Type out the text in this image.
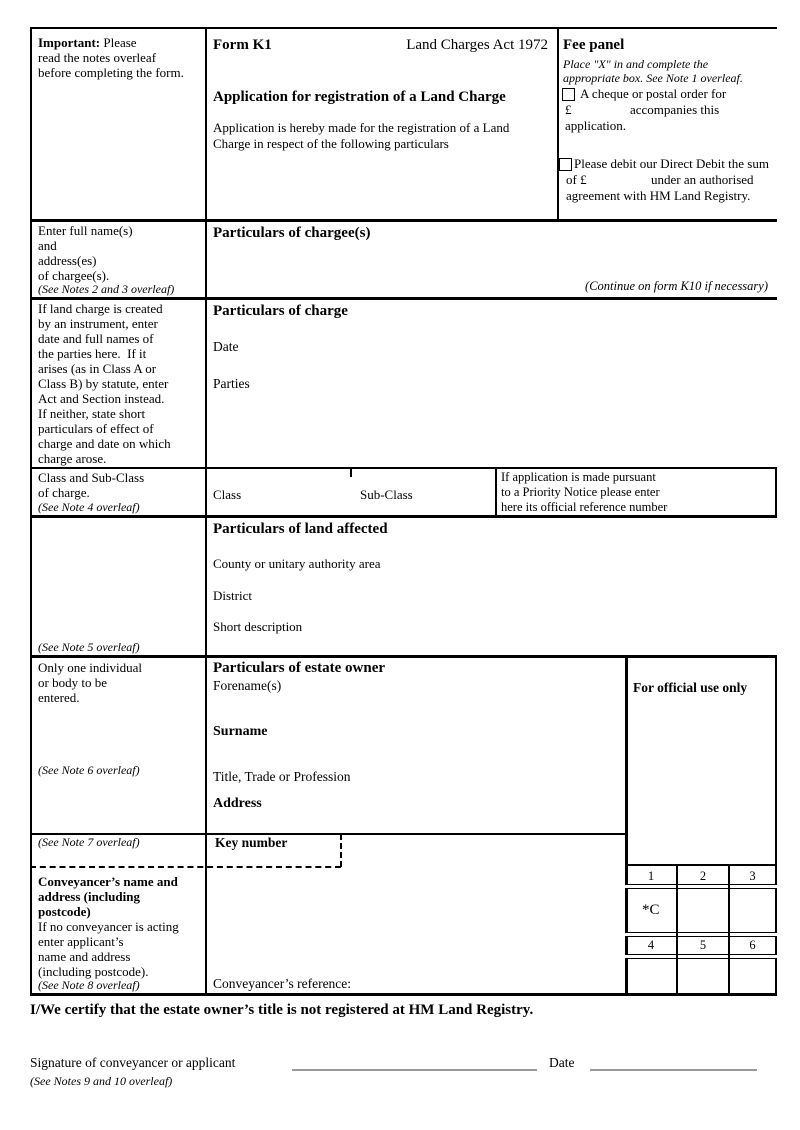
Important: Please
read the notes overleaf
before completing the form.
Form K1	Land Charges Act 1972
Application for registration of a Land Charge
Application is hereby made for the registration of a Land
Charge in respect of the following particulars
Fee panel
Place "X" in and complete the
appropriate box. See Note 1 overleaf.
A cheque or postal order for
£	accompanies this
application.
Please debit our Direct Debit the sum
of £	under an authorised
agreement with HM Land Registry.
Enter full name(s)
and
address(es)
of chargee(s).
(See Notes 2 and 3 overleaf)
Particulars of chargee(s)
(Continue on form K10 if necessary)
If land charge is created
by an instrument, enter
date and full names of
the parties here.  If it
arises (as in Class A or
Class B) by statute, enter
Act and Section instead.
If neither, state short
particulars of effect of
charge and date on which
charge arose.
Particulars of charge
Date
Parties
Class and Sub-Class
of charge.
(See Note 4 overleaf)
Class	Sub-Class
If application is made pursuant
to a Priority Notice please enter
here its official reference number
Particulars of land affected
County or unitary authority area
District
Short description
(See Note 5 overleaf)
Only one individual
or body to be
entered.
(See Note 6 overleaf)
Particulars of estate owner
Forename(s)
Surname
Title, Trade or Profession
Address
For official use only
(See Note 7 overleaf)	Key number
Conveyancer’s name and
address (including
postcode)
If no conveyancer is acting
enter applicant’s
name and address
(including postcode).
(See Note 8 overleaf)	Conveyancer’s reference:
1	2	3
*C
4	5	6
I/We certify that the estate owner’s title is not registered at HM Land Registry.
Signature of conveyancer or applicant	Date
(See Notes 9 and 10 overleaf)
